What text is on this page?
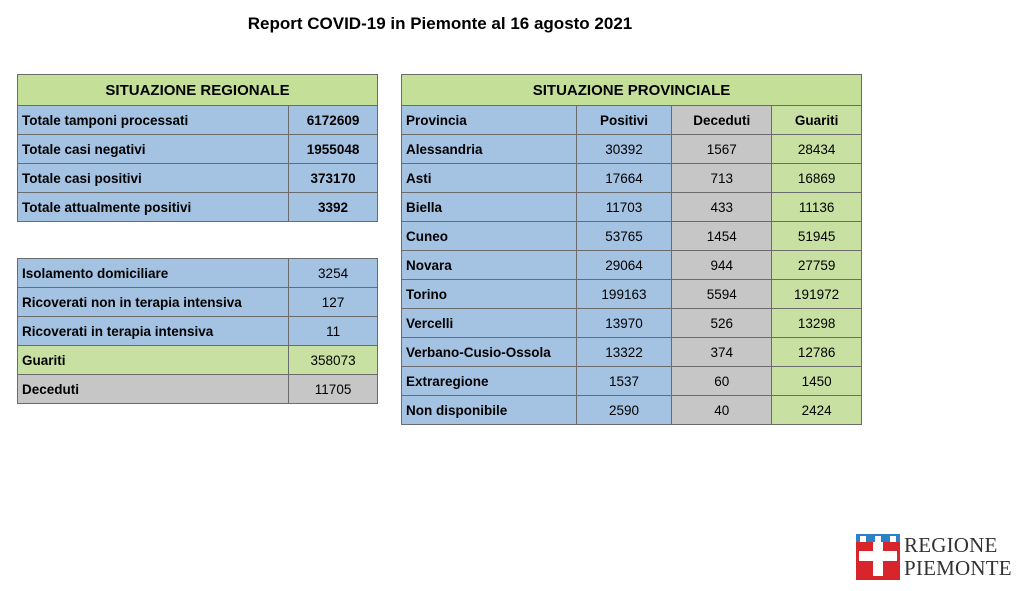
Report COVID-19 in Piemonte al 16 agosto 2021
SITUAZIONE REGIONALE	
Totale tamponi processati	6172609
Totale casi negativi	1955048
Totale casi positivi	373170
Totale attualmente positivi	3392
Isolamento domiciliare	3254
Ricoverati non in terapia intensiva	127
Ricoverati in terapia intensiva	11
Guariti	358073
Deceduti	11705
SITUAZIONE PROVINCIALE			
Provincia	Positivi	Deceduti	Guariti
Alessandria	30392	1567	28434
Asti	17664	713	16869
Biella	11703	433	11136
Cuneo	53765	1454	51945
Novara	29064	944	27759
Torino	199163	5594	191972
Vercelli	13970	526	13298
Verbano-Cusio-Ossola	13322	374	12786
Extraregione	1537	60	1450
Non disponibile	2590	40	2424
REGIONE
PIEMONTE
